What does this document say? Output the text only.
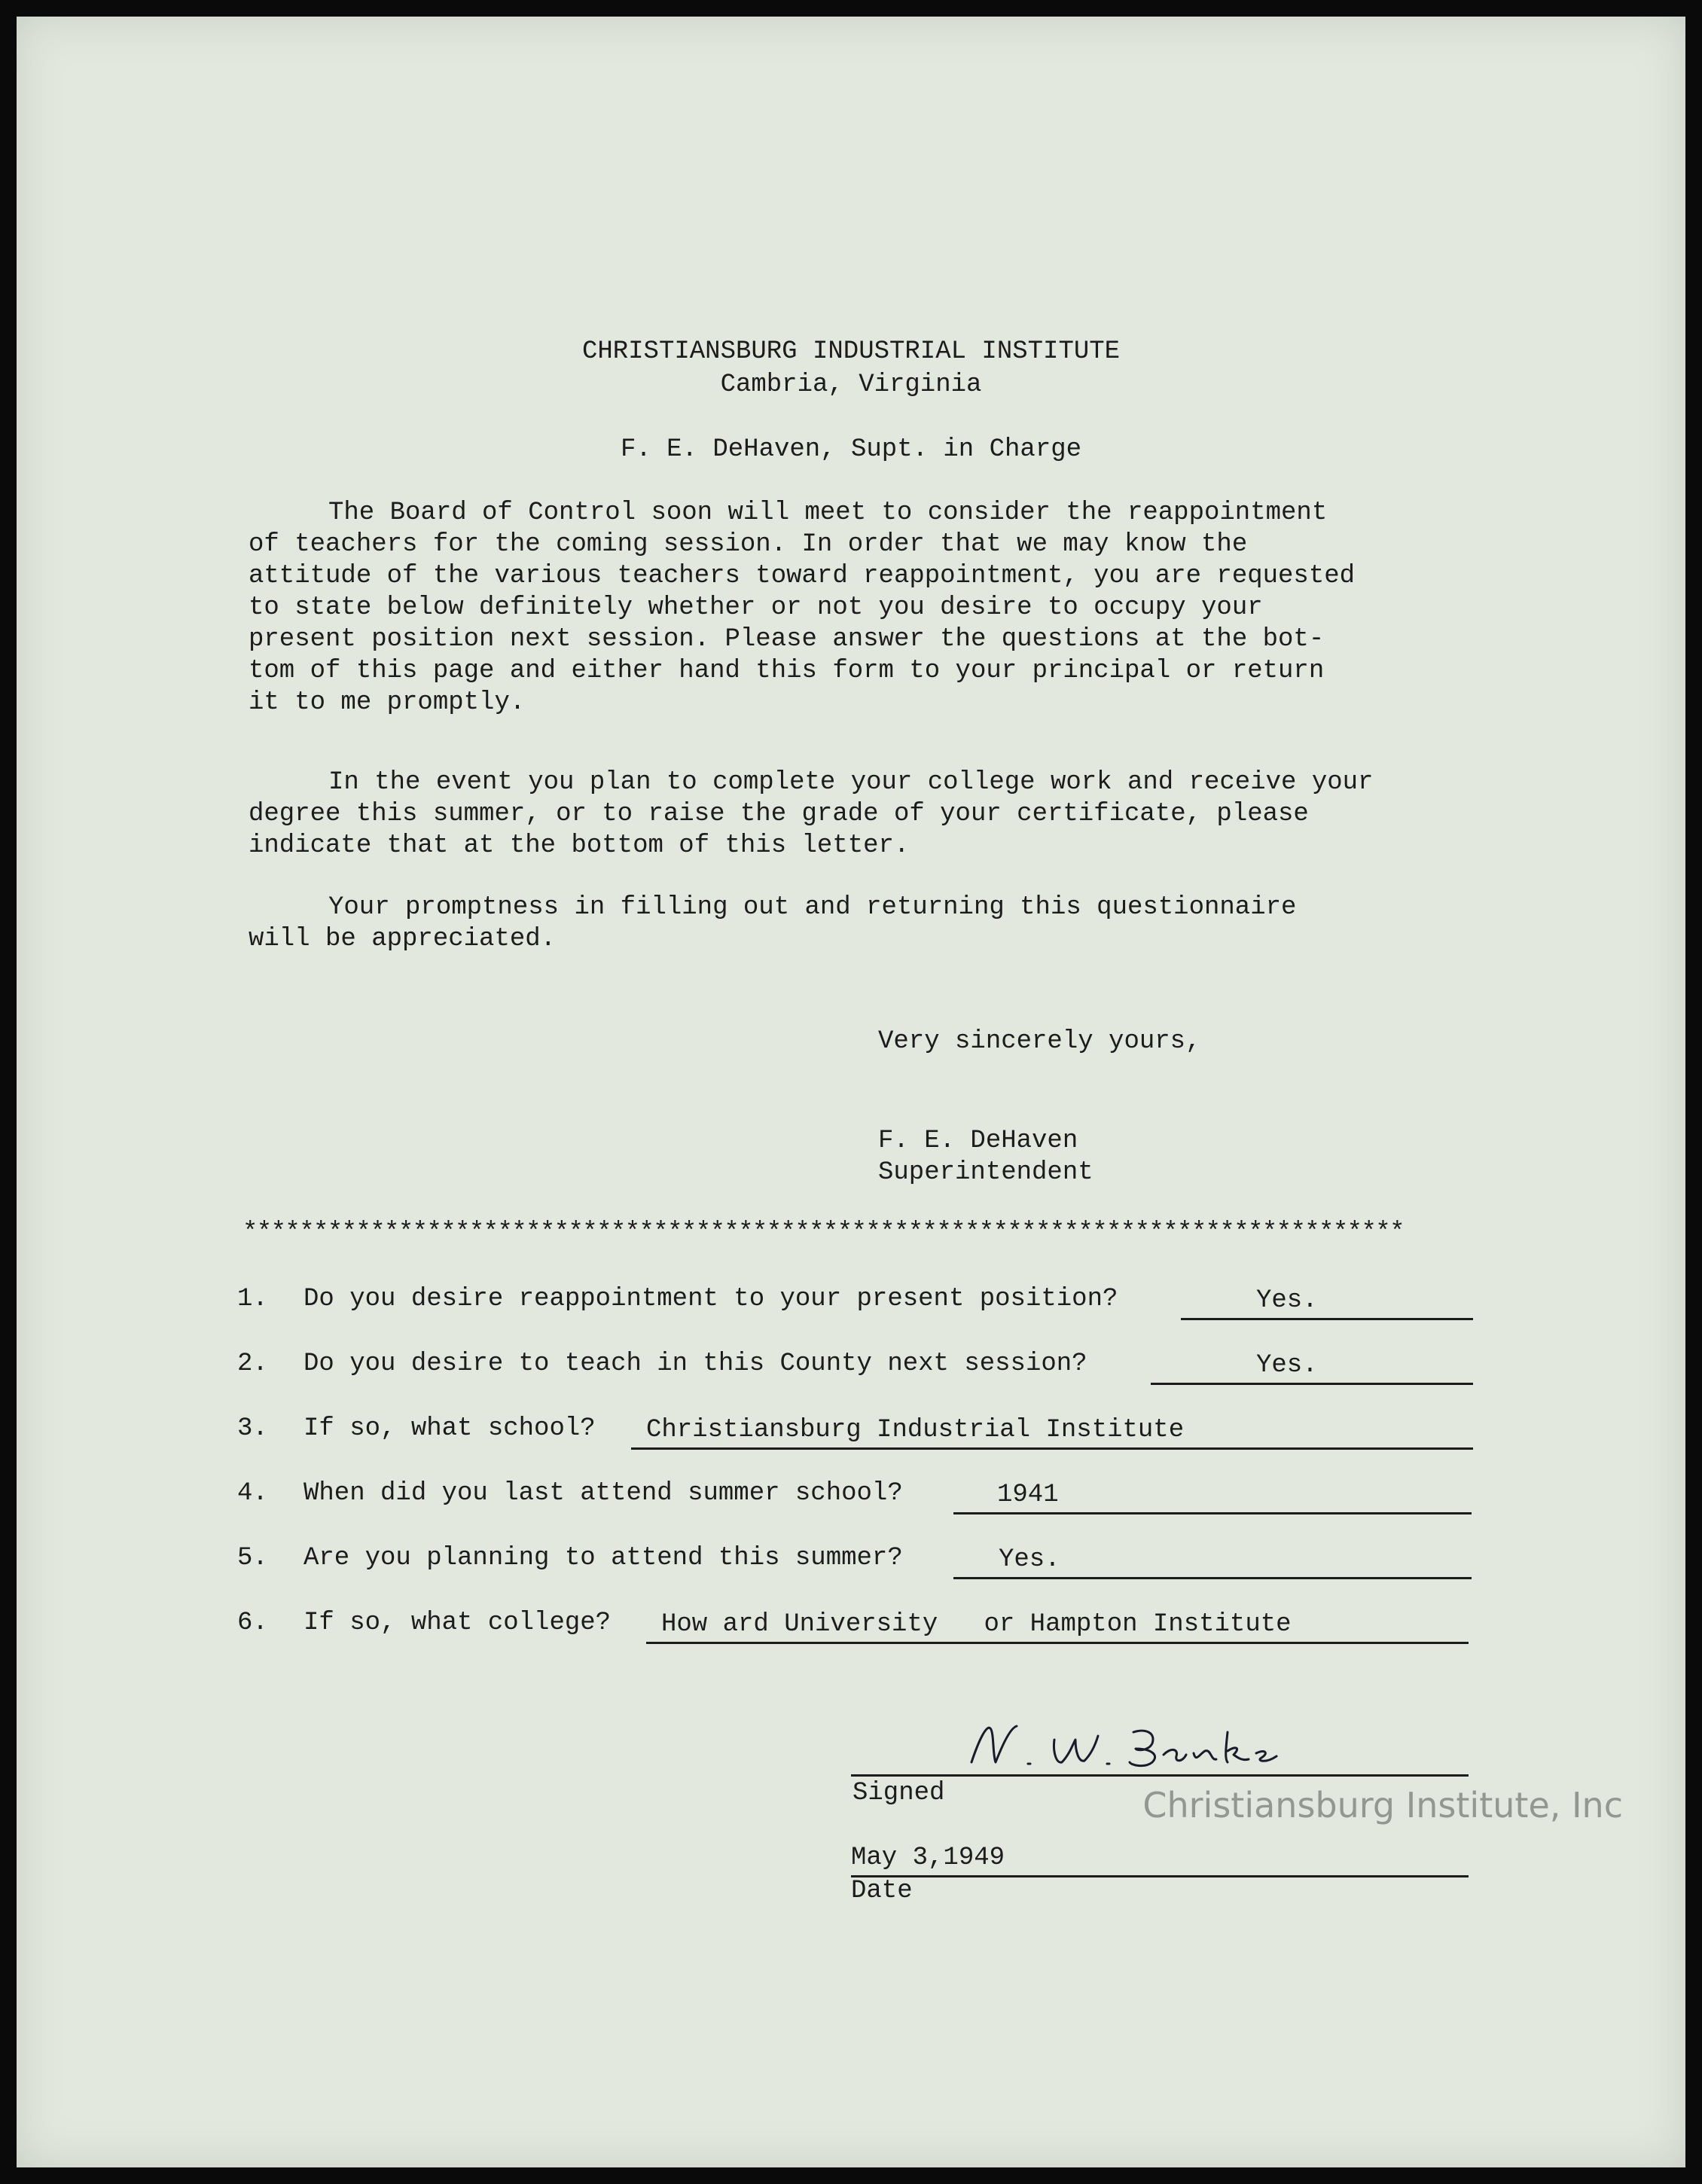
CHRISTIANSBURG INDUSTRIAL INSTITUTE
Cambria, Virginia
F. E. DeHaven, Supt. in Charge
The Board of Control soon will meet to consider the reappointment
of teachers for the coming session. In order that we may know the
attitude of the various teachers toward reappointment, you are requested
to state below definitely whether or not you desire to occupy your
present position next session. Please answer the questions at the bot-
tom of this page and either hand this form to your principal or return
it to me promptly.
In the event you plan to complete your college work and receive your
degree this summer, or to raise the grade of your certificate, please
indicate that at the bottom of this letter.
Your promptness in filling out and returning this questionnaire
will be appreciated.
Very sincerely yours,
F. E. DeHaven
Superintendent
**********************************************************************************
1. Do you desire reappointment to your present position?	Yes.
2. Do you desire to teach in this County next session?	Yes.
3. If so, what school? Christiansburg Industrial Institute
4. When did you last attend summer school?	1941
5. Are you planning to attend this summer?	Yes.
6. If so, what college? How ard University   or Hampton Institute
Signed
May 3,1949
Date
Christiansburg Institute, Inc
